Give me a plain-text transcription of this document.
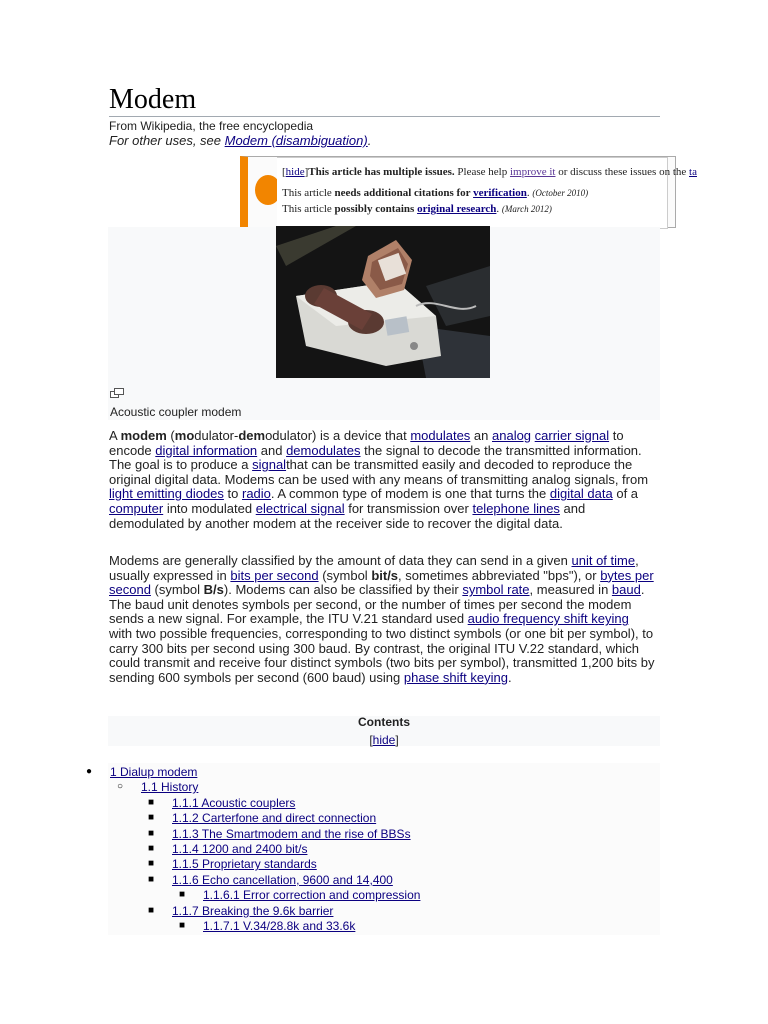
Modem
From Wikipedia, the free encyclopedia
For other uses, see Modem (disambiguation).
[hide]This article has multiple issues. Please help improve it or discuss these issues on the ta
This article needs additional citations for verification. (October 2010)
This article possibly contains original research. (March 2012)
Acoustic coupler modem

A modem (modulator-demodulator) is a device that modulates an analog carrier signal to encode digital information and demodulates the signal to decode the transmitted information. The goal is to produce a signalthat can be transmitted easily and decoded to reproduce the original digital data. Modems can be used with any means of transmitting analog signals, from light emitting diodes to radio. A common type of modem is one that turns the digital data of a computer into modulated electrical signal for transmission over telephone lines and demodulated by another modem at the receiver side to recover the digital data.

Modems are generally classified by the amount of data they can send in a given unit of time, usually expressed in bits per second (symbol bit/s, sometimes abbreviated "bps"), or bytes per second (symbol B/s). Modems can also be classified by their symbol rate, measured in baud. The baud unit denotes symbols per second, or the number of times per second the modem sends a new signal. For example, the ITU V.21 standard used audio frequency shift keying with two possible frequencies, corresponding to two distinct symbols (or one bit per symbol), to carry 300 bits per second using 300 baud. By contrast, the original ITU V.22 standard, which could transmit and receive four distinct symbols (two bits per symbol), transmitted 1,200 bits by sending 600 symbols per second (600 baud) using phase shift keying.

Contents
[hide]
● 1 Dialup modem
○ 1.1 History
■ 1.1.1 Acoustic couplers
■ 1.1.2 Carterfone and direct connection
■ 1.1.3 The Smartmodem and the rise of BBSs
■ 1.1.4 1200 and 2400 bit/s
■ 1.1.5 Proprietary standards
■ 1.1.6 Echo cancellation, 9600 and 14,400
■ 1.1.6.1 Error correction and compression
■ 1.1.7 Breaking the 9.6k barrier
■ 1.1.7.1 V.34/28.8k and 33.6k
